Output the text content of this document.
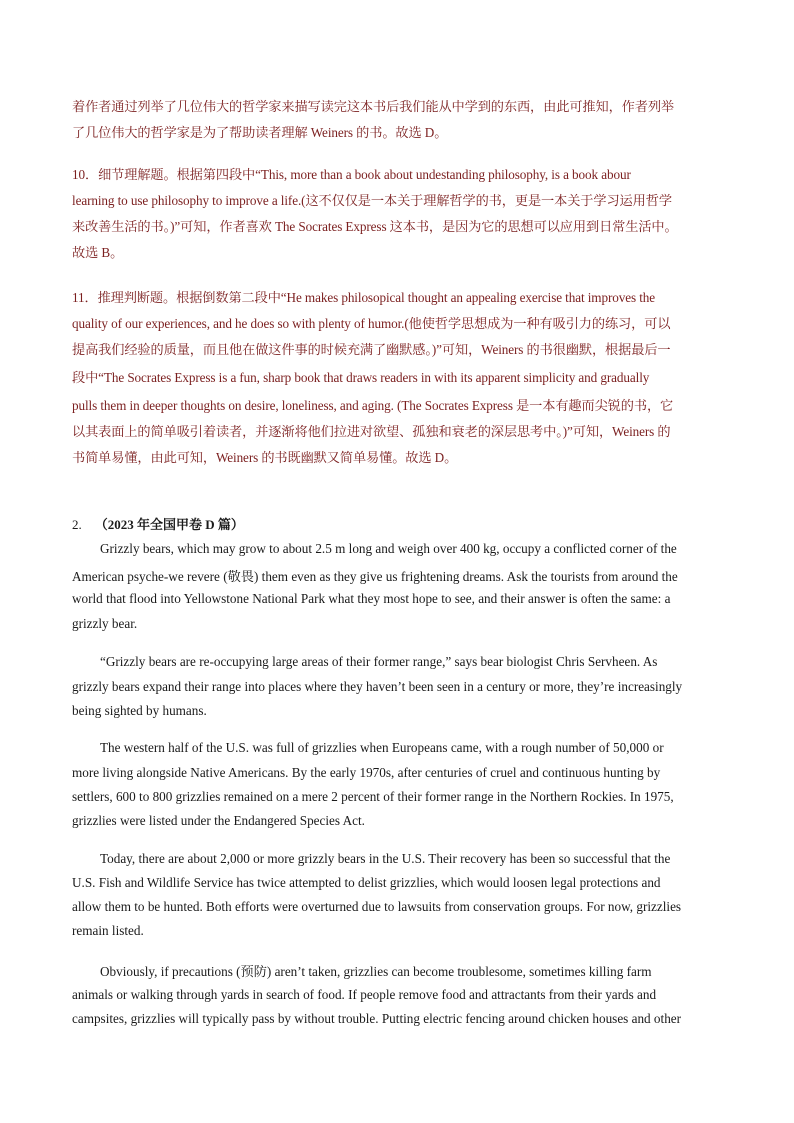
着作者通过列举了几位伟大的哲学家来描写读完这本书后我们能从中学到的东西，由此可推知，作者列举
了几位伟大的哲学家是为了帮助读者理解 Weiners 的书。故选 D。
10．细节理解题。根据第四段中“This, more than a book about undestanding philosophy, is a book abour
learning to use philosophy to improve a life.(这不仅仅是一本关于理解哲学的书，更是一本关于学习运用哲学
来改善生活的书。)”可知，作者喜欢 The Socrates Express 这本书，是因为它的思想可以应用到日常生活中。
故选 B。
11．推理判断题。根据倒数第二段中“He makes philosopical thought an appealing exercise that improves the
quality of our experiences, and he does so with plenty of humor.(他使哲学思想成为一种有吸引力的练习，可以
提高我们经验的质量，而且他在做这件事的时候充满了幽默感。)”可知，Weiners 的书很幽默，根据最后一
段中“The Socrates Express is a fun, sharp book that draws readers in with its apparent simplicity and gradually
pulls them in deeper thoughts on desire, loneliness, and aging. (The Socrates Express 是一本有趣而尖锐的书，它
以其表面上的简单吸引着读者，并逐渐将他们拉进对欲望、孤独和衰老的深层思考中。)”可知，Weiners 的
书简单易懂，由此可知，Weiners 的书既幽默又简单易懂。故选 D。
2. （2023 年全国甲卷 D 篇）
Grizzly bears, which may grow to about 2.5 m long and weigh over 400 kg, occupy a conflicted corner of the
American psyche-we revere (敬畏) them even as they give us frightening dreams. Ask the tourists from around the
world that flood into Yellowstone National Park what they most hope to see, and their answer is often the same: a
grizzly bear.
“Grizzly bears are re-occupying large areas of their former range,” says bear biologist Chris Servheen. As
grizzly bears expand their range into places where they haven’t been seen in a century or more, they’re increasingly
being sighted by humans.
The western half of the U.S. was full of grizzlies when Europeans came, with a rough number of 50,000 or
more living alongside Native Americans. By the early 1970s, after centuries of cruel and continuous hunting by
settlers, 600 to 800 grizzlies remained on a mere 2 percent of their former range in the Northern Rockies. In 1975,
grizzlies were listed under the Endangered Species Act.
Today, there are about 2,000 or more grizzly bears in the U.S. Their recovery has been so successful that the
U.S. Fish and Wildlife Service has twice attempted to delist grizzlies, which would loosen legal protections and
allow them to be hunted. Both efforts were overturned due to lawsuits from conservation groups. For now, grizzlies
remain listed.
Obviously, if precautions (预防) aren’t taken, grizzlies can become troublesome, sometimes killing farm
animals or walking through yards in search of food. If people remove food and attractants from their yards and
campsites, grizzlies will typically pass by without trouble. Putting electric fencing around chicken houses and other
